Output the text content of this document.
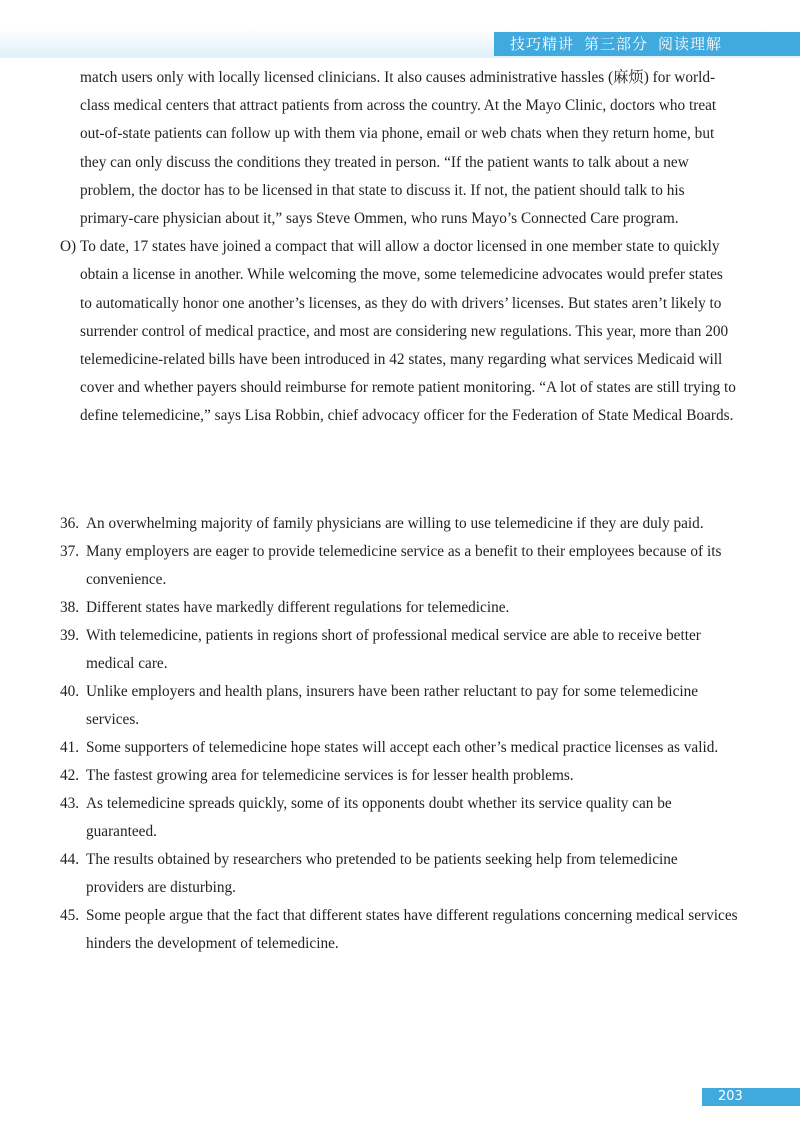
技巧精讲 第三部分 阅读理解

match users only with locally licensed clinicians. It also causes administrative hassles (麻烦) for world-class medical centers that attract patients from across the country. At the Mayo Clinic, doctors who treat out-of-state patients can follow up with them via phone, email or web chats when they return home, but they can only discuss the conditions they treated in person. “If the patient wants to talk about a new problem, the doctor has to be licensed in that state to discuss it. If not, the patient should talk to his primary-care physician about it,” says Steve Ommen, who runs Mayo’s Connected Care program.

O) To date, 17 states have joined a compact that will allow a doctor licensed in one member state to quickly obtain a license in another. While welcoming the move, some telemedicine advocates would prefer states to automatically honor one another’s licenses, as they do with drivers’ licenses. But states aren’t likely to surrender control of medical practice, and most are considering new regulations. This year, more than 200 telemedicine-related bills have been introduced in 42 states, many regarding what services Medicaid will cover and whether payers should reimburse for remote patient monitoring. “A lot of states are still trying to define telemedicine,” says Lisa Robbin, chief advocacy officer for the Federation of State Medical Boards.

36. An overwhelming majority of family physicians are willing to use telemedicine if they are duly paid.

37. Many employers are eager to provide telemedicine service as a benefit to their employees because of its convenience.

38. Different states have markedly different regulations for telemedicine.

39. With telemedicine, patients in regions short of professional medical service are able to receive better medical care.

40. Unlike employers and health plans, insurers have been rather reluctant to pay for some telemedicine services.

41. Some supporters of telemedicine hope states will accept each other’s medical practice licenses as valid.

42. The fastest growing area for telemedicine services is for lesser health problems.

43. As telemedicine spreads quickly, some of its opponents doubt whether its service quality can be guaranteed.

44. The results obtained by researchers who pretended to be patients seeking help from telemedicine providers are disturbing.

45. Some people argue that the fact that different states have different regulations concerning medical services hinders the development of telemedicine.

203
